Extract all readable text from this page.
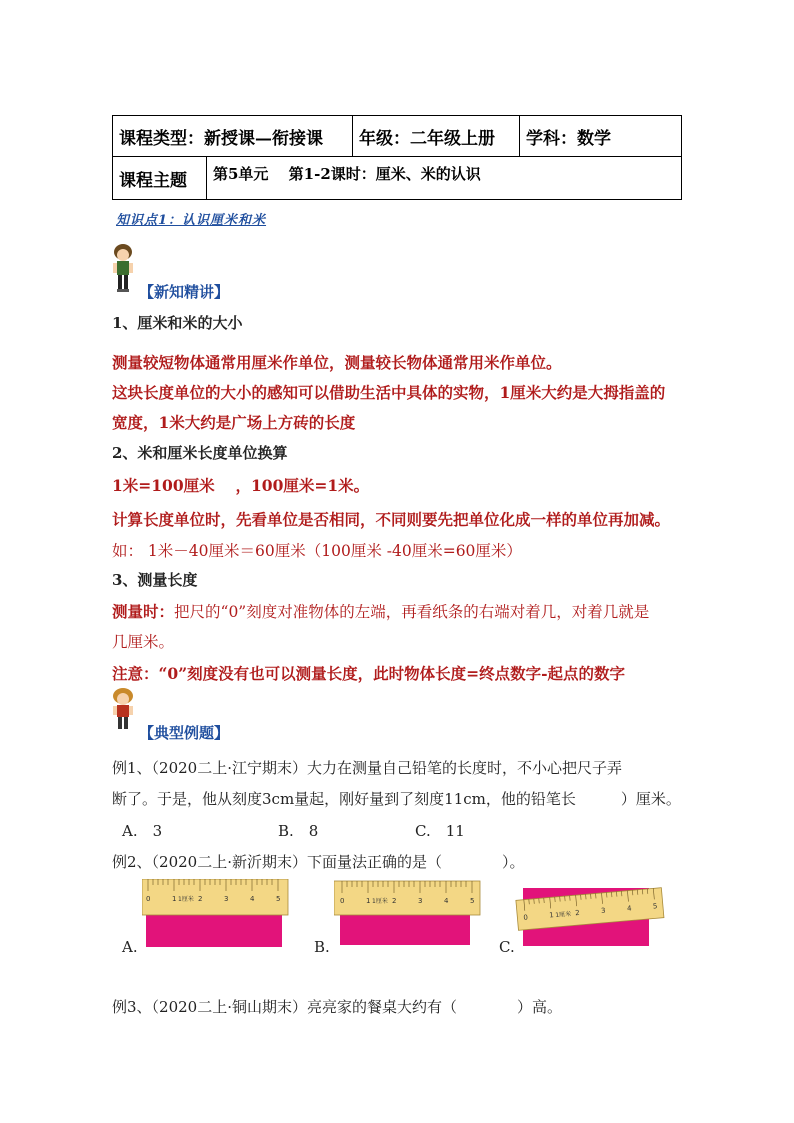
课程类型：新授课—衔接课		年级：二年级上册	学科：数学
课程主题	第5单元　 第1-2课时：厘米、米的认识		
知识点1：认识厘米和米
【新知精讲】
1、厘米和米的大小
测量较短物体通常用厘米作单位，测量较长物体通常用米作单位。
这块长度单位的大小的感知可以借助生活中具体的实物，1厘米大约是大拇指盖的
宽度，1米大约是广场上方砖的长度
2、米和厘米长度单位换算
1米=100厘米　 ，100厘米=1米。
计算长度单位时，先看单位是否相同，不同则要先把单位化成一样的单位再加减。
如： 1米－40厘米＝60厘米（100厘米 -40厘米=60厘米）
3、测量长度
测量时：把尺的“0”刻度对准物体的左端，再看纸条的右端对着几，对着几就是
几厘米。
注意：“0”刻度没有也可以测量长度，此时物体长度=终点数字-起点的数字
【典型例题】
例1、（2020二上·江宁期末）大力在测量自己铅笔的长度时，不小心把尺子弄
断了。于是，他从刻度3cm量起，刚好量到了刻度11cm，他的铅笔长　　　）厘米。
A.　3	B.　8	C.　11
例2、（2020二上·新沂期末）下面量法正确的是（　　　　）。
0	1	2	3	4	5
1厘米
A.
0	1	2	3	4	5
1厘米
B.
0	1	2	3	4	5
1厘米
C.
例3、（2020二上·铜山期末）亮亮家的餐桌大约有（　　　　）高。
